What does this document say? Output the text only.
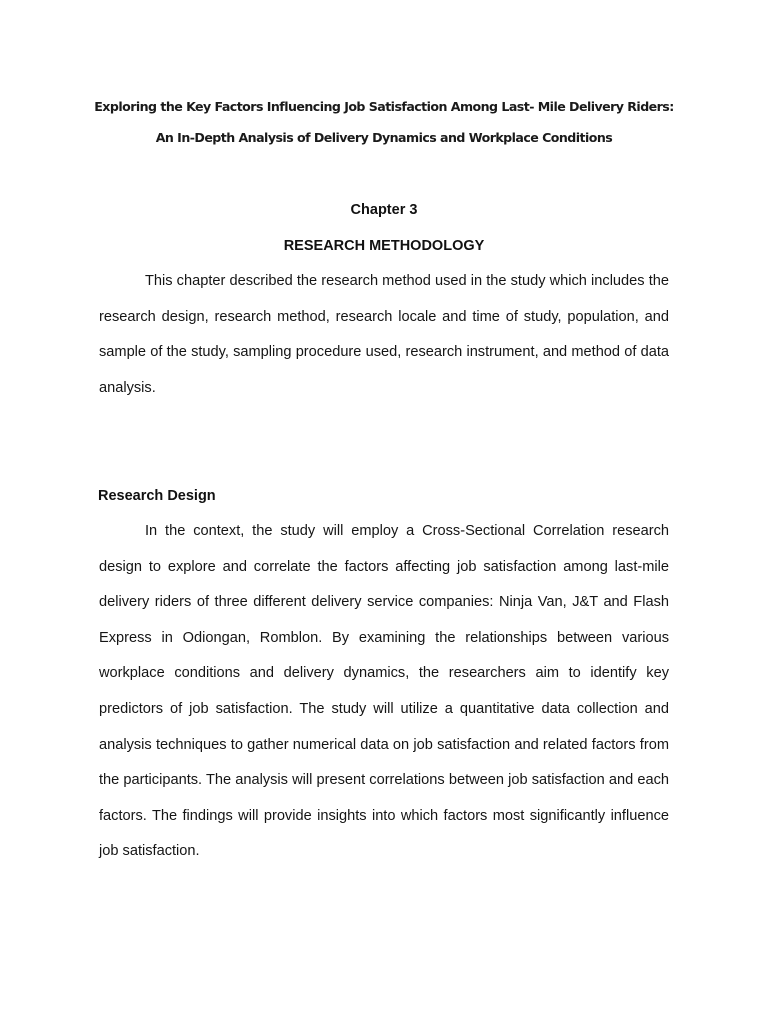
Exploring the Key Factors Influencing Job Satisfaction Among Last- Mile Delivery Riders:
An In-Depth Analysis of Delivery Dynamics and Workplace Conditions
Chapter 3
RESEARCH METHODOLOGY

This chapter described the research method used in the study which includes the research design, research method, research locale and time of study, population, and sample of the study, sampling procedure used, research instrument, and method of data analysis.

Research Design

In the context, the study will employ a Cross-Sectional Correlation research design to explore and correlate the factors affecting job satisfaction among last-mile delivery riders of three different delivery service companies: Ninja Van, J&T and Flash Express in Odiongan, Romblon. By examining the relationships between various workplace conditions and delivery dynamics, the researchers aim to identify key predictors of job satisfaction. The study will utilize a quantitative data collection and analysis techniques to gather numerical data on job satisfaction and related factors from the participants. The analysis will present correlations between job satisfaction and each factors. The findings will provide insights into which factors most significantly influence job satisfaction.
